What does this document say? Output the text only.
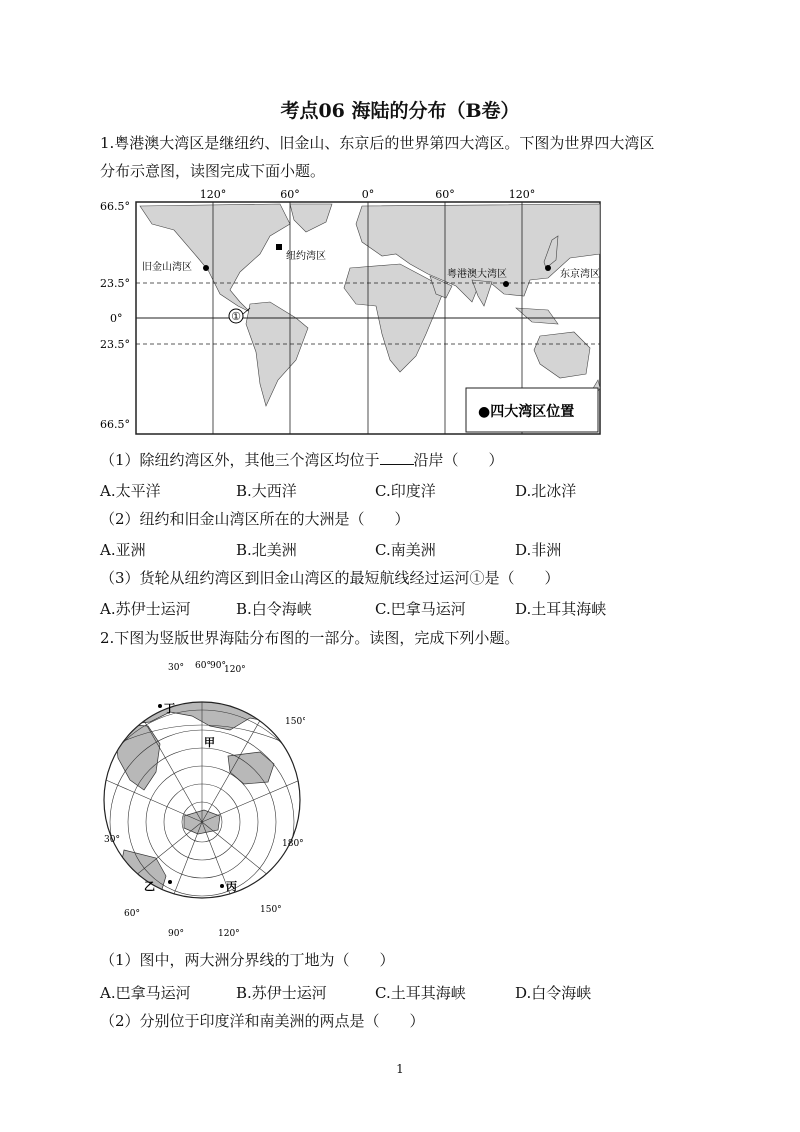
考点06 海陆的分布（B卷）
1.粤港澳大湾区是继纽约、旧金山、东京后的世界第四大湾区。下图为世界四大湾区
分布示意图，读图完成下面小题。
120°	60°	0°	60°	120°
66.5°
23.5°
0°
23.5°
66.5°
旧金山湾区
纽约湾区
粤港澳大湾区	东京湾区
①
●四大湾区位置
（1）除纽约湾区外，其他三个湾区均位于 沿岸（　　）
A.太平洋	B.大西洋	C.印度洋	D.北冰洋
（2）纽约和旧金山湾区所在的大洲是（　　）
A.亚洲	B.北美洲	C.南美洲	D.非洲
（3）货轮从纽约湾区到旧金山湾区的最短航线经过运河①是（　　）
A.苏伊士运河	B.白令海峡	C.巴拿马运河	D.土耳其海峡
2.下图为竖版世界海陆分布图的一部分。读图，完成下列小题。
30° 60° 90°
120°
150°
30°	180°
150°
60°
90°	120°
丁
甲
乙	丙
（1）图中，两大洲分界线的丁地为（　　）
A.巴拿马运河	B.苏伊士运河	C.土耳其海峡	D.白令海峡
（2）分别位于印度洋和南美洲的两点是（　　）
1
